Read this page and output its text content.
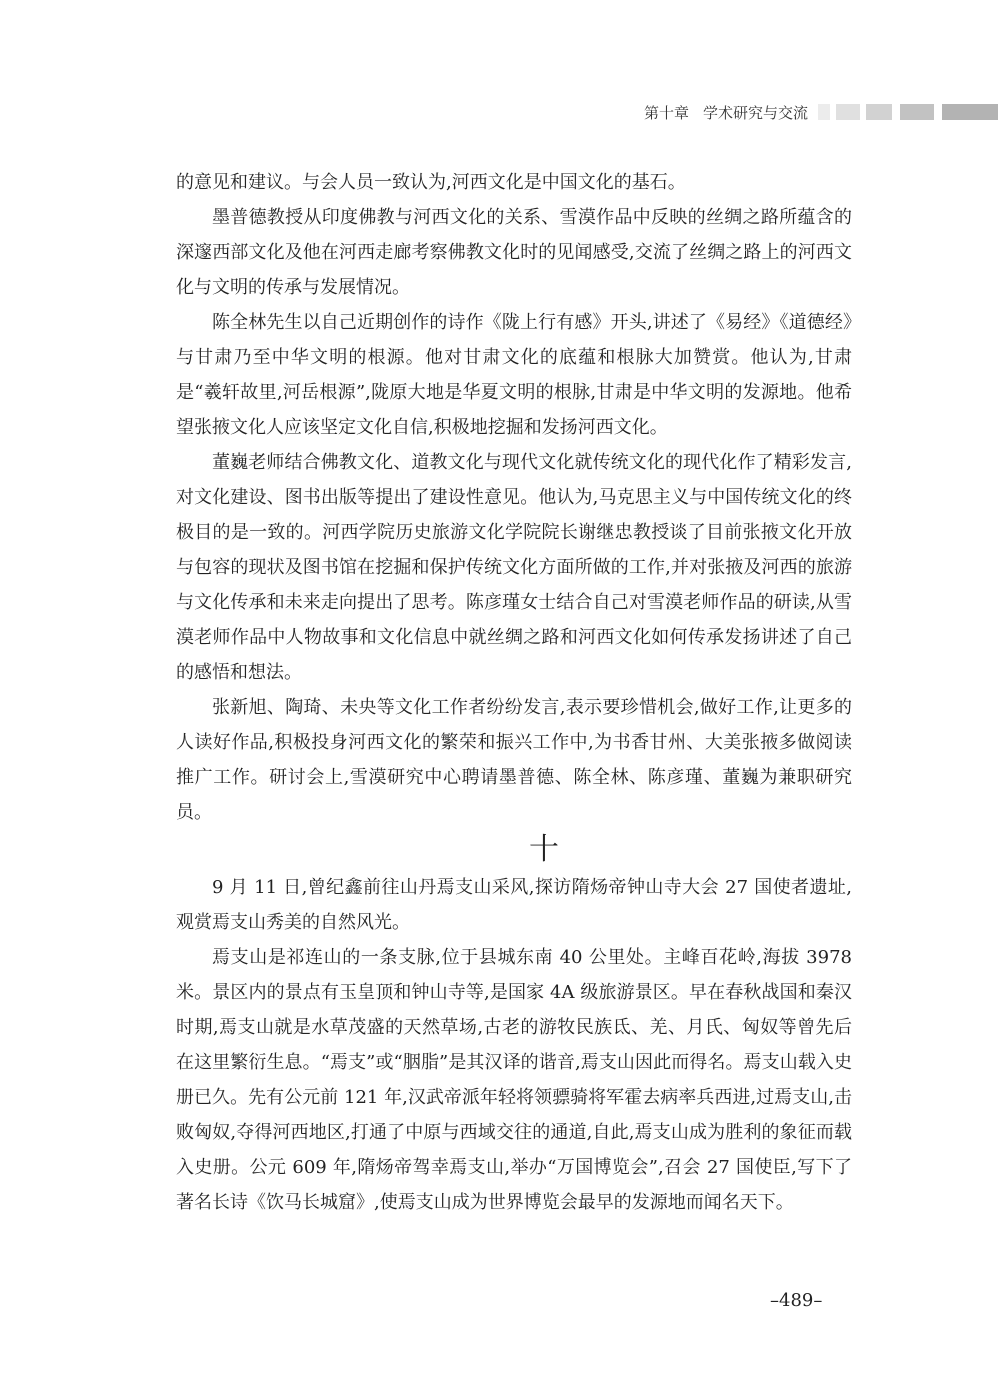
第十章 学术研究与交流

的意见和建议。与会人员一致认为,河西文化是中国文化的基石。

墨普德教授从印度佛教与河西文化的关系、雪漠作品中反映的丝绸之路所蕴含的深邃西部文化及他在河西走廊考察佛教文化时的见闻感受,交流了丝绸之路上的河西文化与文明的传承与发展情况。

陈全林先生以自己近期创作的诗作《陇上行有感》开头,讲述了《易经》《道德经》与甘肃乃至中华文明的根源。他对甘肃文化的底蕴和根脉大加赞赏。他认为,甘肃是“羲轩故里,河岳根源”,陇原大地是华夏文明的根脉,甘肃是中华文明的发源地。他希望张掖文化人应该坚定文化自信,积极地挖掘和发扬河西文化。

董巍老师结合佛教文化、道教文化与现代文化就传统文化的现代化作了精彩发言,对文化建设、图书出版等提出了建设性意见。他认为,马克思主义与中国传统文化的终极目的是一致的。河西学院历史旅游文化学院院长谢继忠教授谈了目前张掖文化开放与包容的现状及图书馆在挖掘和保护传统文化方面所做的工作,并对张掖及河西的旅游与文化传承和未来走向提出了思考。陈彦瑾女士结合自己对雪漠老师作品的研读,从雪漠老师作品中人物故事和文化信息中就丝绸之路和河西文化如何传承发扬讲述了自己的感悟和想法。

张新旭、陶琦、未央等文化工作者纷纷发言,表示要珍惜机会,做好工作,让更多的人读好作品,积极投身河西文化的繁荣和振兴工作中,为书香甘州、大美张掖多做阅读推广工作。研讨会上,雪漠研究中心聘请墨普德、陈全林、陈彦瑾、董巍为兼职研究员。

十

9 月 11 日,曾纪鑫前往山丹焉支山采风,探访隋炀帝钟山寺大会 27 国使者遗址,观赏焉支山秀美的自然风光。

焉支山是祁连山的一条支脉,位于县城东南 40 公里处。主峰百花岭,海拔 3978 米。景区内的景点有玉皇顶和钟山寺等,是国家 4A 级旅游景区。早在春秋战国和秦汉时期,焉支山就是水草茂盛的天然草场,古老的游牧民族氐、羌、月氏、匈奴等曾先后在这里繁衍生息。“焉支”或“胭脂”是其汉译的谐音,焉支山因此而得名。焉支山载入史册已久。先有公元前 121 年,汉武帝派年轻将领骠骑将军霍去病率兵西进,过焉支山,击败匈奴,夺得河西地区,打通了中原与西域交往的通道,自此,焉支山成为胜利的象征而载入史册。公元 609 年,隋炀帝驾幸焉支山,举办“万国博览会”,召会 27 国使臣,写下了著名长诗《饮马长城窟》,使焉支山成为世界博览会最早的发源地而闻名天下。

–489–
